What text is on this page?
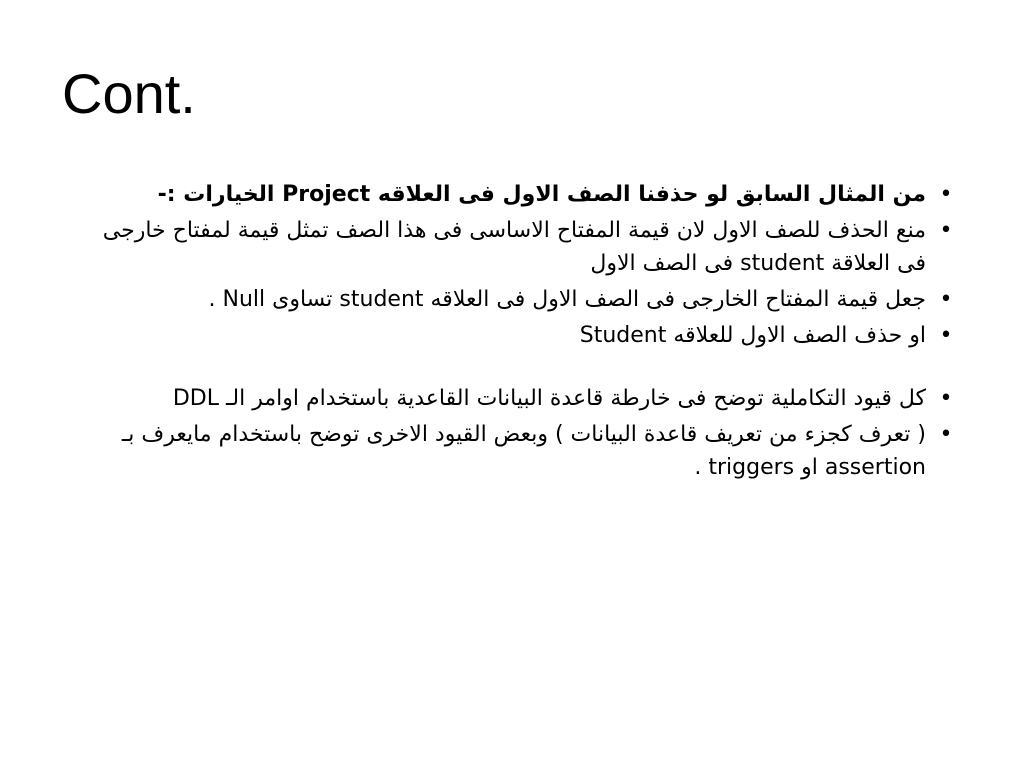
Cont.
•
من المثال السابق لو حذفنا الصف الاول فى العلاقه Project الخيارات :-
•
منع الحذف للصف الاول لان قيمة المفتاح الاساسى فى هذا الصف تمثل قيمة لمفتاح خارجى فى العلاقة student فى الصف الاول
•
جعل قيمة المفتاح الخارجى فى الصف الاول فى العلاقه student تساوى Null .
•
او حذف الصف الاول للعلاقه Student
•
كل قيود التكاملية توضح فى خارطة قاعدة البيانات القاعدية باستخدام اوامر الـ DDL
•
( تعرف كجزء من تعريف قاعدة البيانات ) وبعض القيود الاخرى توضح باستخدام مايعرف بـ assertion او triggers .
